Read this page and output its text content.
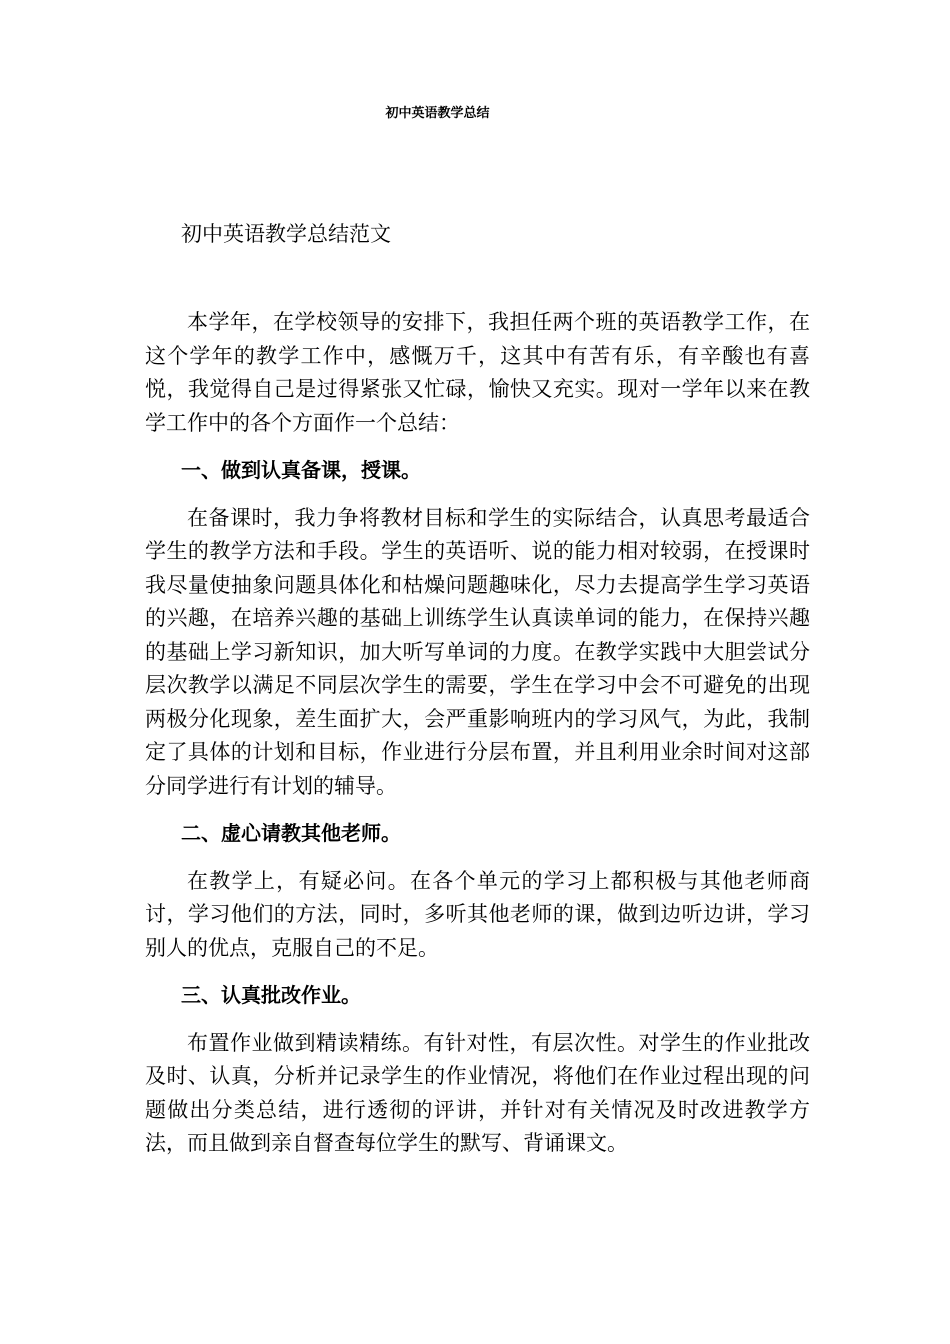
初中英语教学总结
初中英语教学总结范文

本学年，在学校领导的安排下，我担任两个班的英语教学工作，在这个学年的教学工作中，感慨万千，这其中有苦有乐，有辛酸也有喜悦，我觉得自己是过得紧张又忙碌，愉快又充实。现对一学年以来在教学工作中的各个方面作一个总结：

一、做到认真备课，授课。

在备课时，我力争将教材目标和学生的实际结合，认真思考最适合学生的教学方法和手段。学生的英语听、说的能力相对较弱，在授课时我尽量使抽象问题具体化和枯燥问题趣味化，尽力去提高学生学习英语的兴趣，在培养兴趣的基础上训练学生认真读单词的能力，在保持兴趣的基础上学习新知识，加大听写单词的力度。在教学实践中大胆尝试分层次教学以满足不同层次学生的需要，学生在学习中会不可避免的出现两极分化现象，差生面扩大，会严重影响班内的学习风气，为此，我制定了具体的计划和目标，作业进行分层布置，并且利用业余时间对这部分同学进行有计划的辅导。

二、虚心请教其他老师。

在教学上，有疑必问。在各个单元的学习上都积极与其他老师商讨，学习他们的方法，同时，多听其他老师的课，做到边听边讲，学习别人的优点，克服自己的不足。

三、认真批改作业。

布置作业做到精读精练。有针对性，有层次性。对学生的作业批改及时、认真，分析并记录学生的作业情况，将他们在作业过程出现的问题做出分类总结，进行透彻的评讲，并针对有关情况及时改进教学方法，而且做到亲自督查每位学生的默写、背诵课文。
